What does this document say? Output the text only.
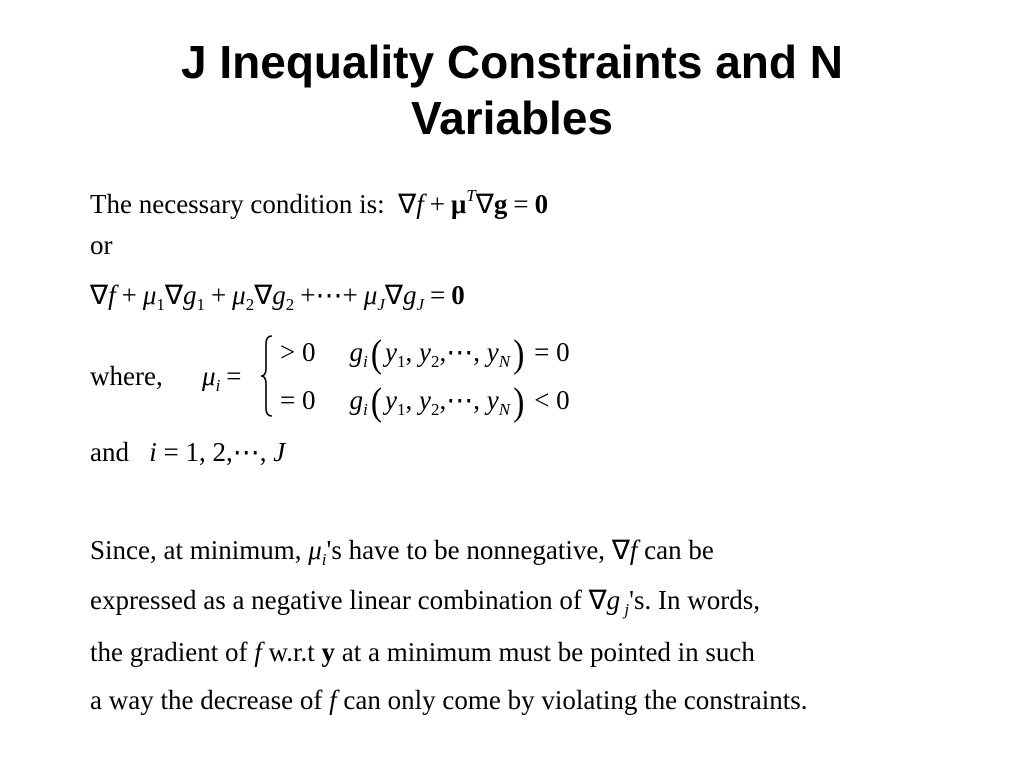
J Inequality Constraints and N
Variables
The necessary condition is:  $\nabla f + \mu^T\nabla g = 0$
or
$\nabla f + \mu_1\nabla g_1 + \mu_2\nabla g_2$ +⋯+ $\mu_J\nabla g_J = 0$
where, $\mu_i$ =
> 0 $g_i$( $y_1$, $y_2,\cdots$, $y_N) = 0$
= 0 $g_i$( $y_1$, $y_2,\cdots$, $y_N) < 0$
and i = 1, 2,⋯, J
Since, at minimum, $\mu_i's$ have to be nonnegative, ∇f can be
expressed as a negative linear combination of ∇g $_j$'s. In words,
the gradient of f w.r.t y at a minimum must be pointed in such
a way the decrease of f can only come by violating the constraints.
